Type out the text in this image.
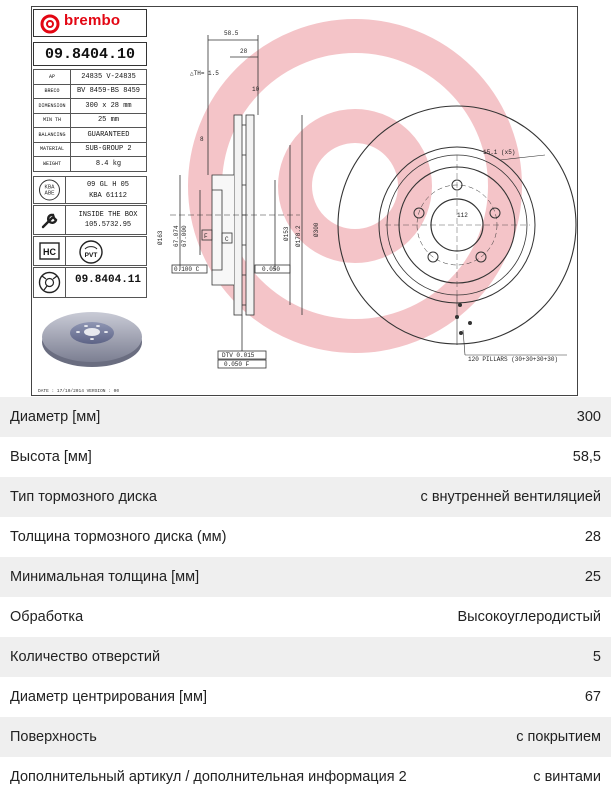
brembo
09.8404.10
AP	24835 V-24835
BRECO	BV 8459-BS 8459
DIMENSION	300 x 28 mm
MIN TH	25 mm
BALANCING	GUARANTEED
MATERIAL	SUB-GROUP 2
WEIGHT	8.4 kg
KBA
ABE
09 GL H 05
KBA 61112
INSIDE THE BOX
105.5732.95
HC	PVT
09.8404.11
58.5
28
△TH= 1.5
10
8
Ø163 67.074 67.000	Ø153 Ø178.2 Ø300
0.100 C	0.050
F	C
DTV 0.015
0.050 F
15.1 (x5)
112
120 PILLARS (30+30+30+30)
DATE : 17/10/2014 VERSION : 00
Диаметр [мм]	300
Высота [мм]	58,5
Тип тормозного диска	с внутренней вентиляцией
Толщина тормозного диска (мм)	28
Минимальная толщина [мм]	25
Обработка	Высокоуглеродистый
Количество отверстий	5
Диаметр центрирования [мм]	67
Поверхность	с покрытием
Дополнительный артикул / дополнительная информация 2	с винтами
